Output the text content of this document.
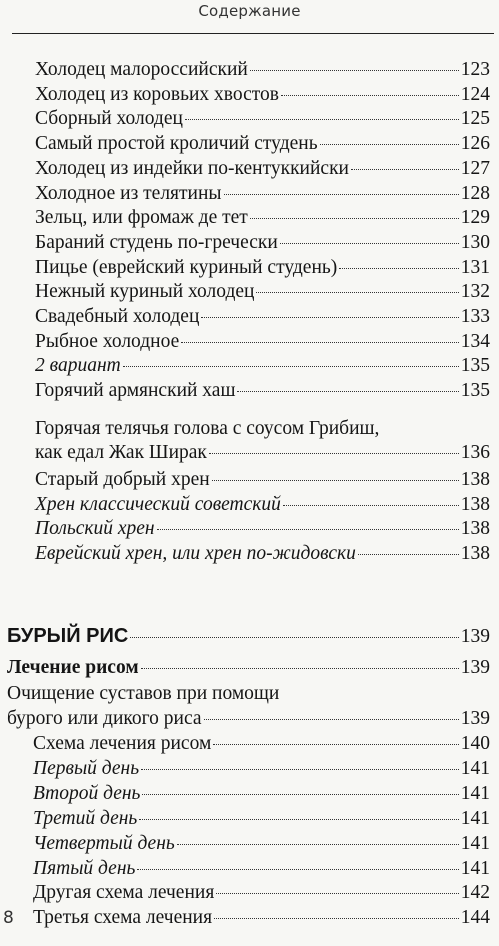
Содержание
Горячая телячья голова с соусом Грибиш,
как едал Жак Ширак	136
БУРЫЙ РИС	139
Лечение рисом	139
Очищение суставов при помощи
бурого или дикого риса	139
Холодец малороссийский	123
Холодец из коровьих хвостов	124
Сборный холодец	125
Самый простой кроличий студень	126
Холодец из индейки по-кентуккийски	127
Холодное из телятины	128
Зельц, или фромаж де тет	129
Бараний студень по-гречески	130
Пицье (еврейский куриный студень)	131
Нежный куриный холодец	132
Свадебный холодец	133
Рыбное холодное	134
2 вариант	135
Горячий армянский хаш	135
Старый добрый хрен	138
Хрен классический советский	138
Польский хрен	138
Еврейский хрен, или хрен по-жидовски	138
Схема лечения рисом	140
Первый день	141
Второй день	141
Третий день	141
Четвертый день	141
Пятый день	141
Другая схема лечения	142
Третья схема лечения	144
8
